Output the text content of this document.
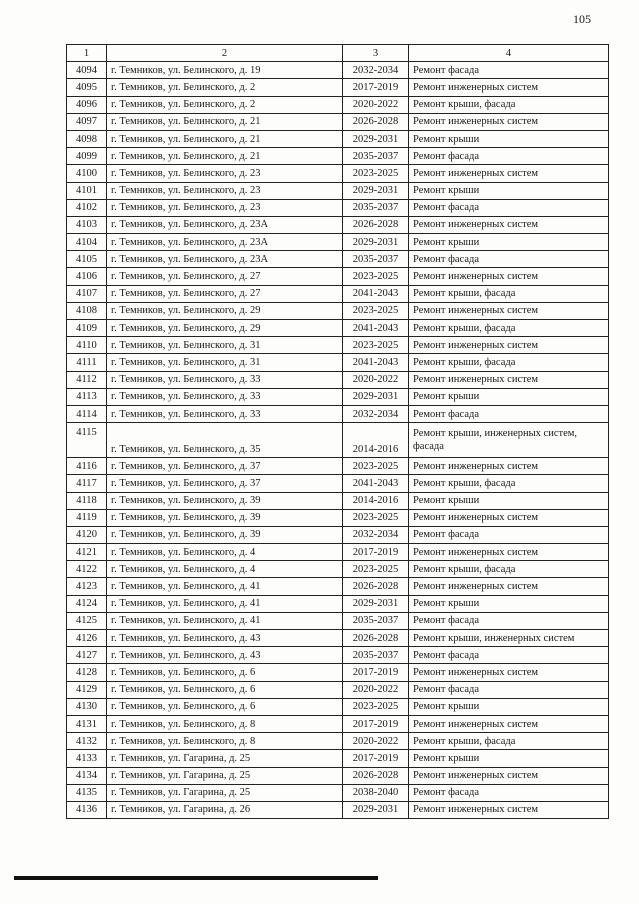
105
1	2	3	4
4094	г. Темников, ул. Белинского, д. 19	2032-2034	Ремонт фасада
4095	г. Темников, ул. Белинского, д. 2	2017-2019	Ремонт инженерных систем
4096	г. Темников, ул. Белинского, д. 2	2020-2022	Ремонт крыши, фасада
4097	г. Темников, ул. Белинского, д. 21	2026-2028	Ремонт инженерных систем
4098	г. Темников, ул. Белинского, д. 21	2029-2031	Ремонт крыши
4099	г. Темников, ул. Белинского, д. 21	2035-2037	Ремонт фасада
4100	г. Темников, ул. Белинского, д. 23	2023-2025	Ремонт инженерных систем
4101	г. Темников, ул. Белинского, д. 23	2029-2031	Ремонт крыши
4102	г. Темников, ул. Белинского, д. 23	2035-2037	Ремонт фасада
4103	г. Темников, ул. Белинского, д. 23А	2026-2028	Ремонт инженерных систем
4104	г. Темников, ул. Белинского, д. 23А	2029-2031	Ремонт крыши
4105	г. Темников, ул. Белинского, д. 23А	2035-2037	Ремонт фасада
4106	г. Темников, ул. Белинского, д. 27	2023-2025	Ремонт инженерных систем
4107	г. Темников, ул. Белинского, д. 27	2041-2043	Ремонт крыши, фасада
4108	г. Темников, ул. Белинского, д. 29	2023-2025	Ремонт инженерных систем
4109	г. Темников, ул. Белинского, д. 29	2041-2043	Ремонт крыши, фасада
4110	г. Темников, ул. Белинского, д. 31	2023-2025	Ремонт инженерных систем
4111	г. Темников, ул. Белинского, д. 31	2041-2043	Ремонт крыши, фасада
4112	г. Темников, ул. Белинского, д. 33	2020-2022	Ремонт инженерных систем
4113	г. Темников, ул. Белинского, д. 33	2029-2031	Ремонт крыши
4114	г. Темников, ул. Белинского, д. 33	2032-2034	Ремонт фасада
4115	г. Темников, ул. Белинского, д. 35	2014-2016	Ремонт крыши, инженерных систем, фасада
4116	г. Темников, ул. Белинского, д. 37	2023-2025	Ремонт инженерных систем
4117	г. Темников, ул. Белинского, д. 37	2041-2043	Ремонт крыши, фасада
4118	г. Темников, ул. Белинского, д. 39	2014-2016	Ремонт крыши
4119	г. Темников, ул. Белинского, д. 39	2023-2025	Ремонт инженерных систем
4120	г. Темников, ул. Белинского, д. 39	2032-2034	Ремонт фасада
4121	г. Темников, ул. Белинского, д. 4	2017-2019	Ремонт инженерных систем
4122	г. Темников, ул. Белинского, д. 4	2023-2025	Ремонт крыши, фасада
4123	г. Темников, ул. Белинского, д. 41	2026-2028	Ремонт инженерных систем
4124	г. Темников, ул. Белинского, д. 41	2029-2031	Ремонт крыши
4125	г. Темников, ул. Белинского, д. 41	2035-2037	Ремонт фасада
4126	г. Темников, ул. Белинского, д. 43	2026-2028	Ремонт крыши, инженерных систем
4127	г. Темников, ул. Белинского, д. 43	2035-2037	Ремонт фасада
4128	г. Темников, ул. Белинского, д. 6	2017-2019	Ремонт инженерных систем
4129	г. Темников, ул. Белинского, д. 6	2020-2022	Ремонт фасада
4130	г. Темников, ул. Белинского, д. 6	2023-2025	Ремонт крыши
4131	г. Темников, ул. Белинского, д. 8	2017-2019	Ремонт инженерных систем
4132	г. Темников, ул. Белинского, д. 8	2020-2022	Ремонт крыши, фасада
4133	г. Темников, ул. Гагарина, д. 25	2017-2019	Ремонт крыши
4134	г. Темников, ул. Гагарина, д. 25	2026-2028	Ремонт инженерных систем
4135	г. Темников, ул. Гагарина, д. 25	2038-2040	Ремонт фасада
4136	г. Темников, ул. Гагарина, д. 26	2029-2031	Ремонт инженерных систем
